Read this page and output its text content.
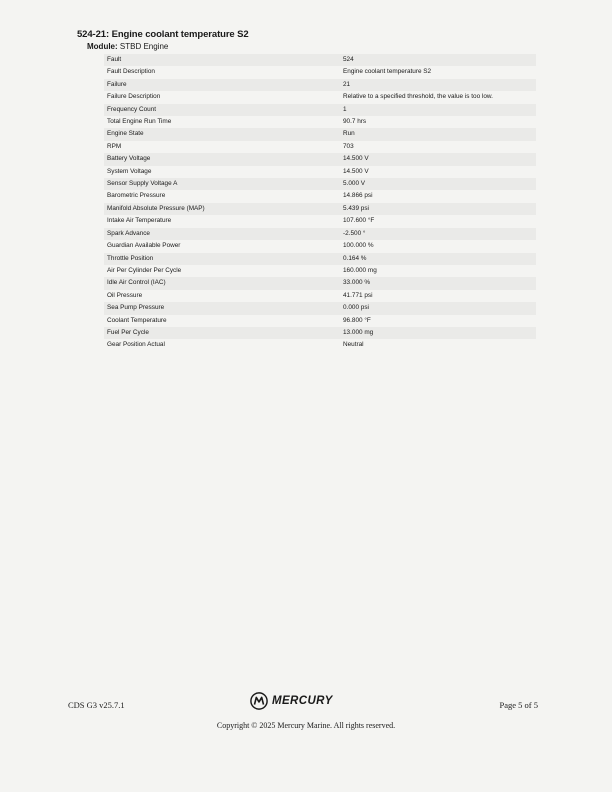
524-21: Engine coolant temperature S2
Module: STBD Engine
Fault	524
Fault Description	Engine coolant temperature S2
Failure	21
Failure Description	Relative to a specified threshold, the value is too low.
Frequency Count	1
Total Engine Run Time	90.7 hrs
Engine State	Run
RPM	703
Battery Voltage	14.500 V
System Voltage	14.500 V
Sensor Supply Voltage A	5.000 V
Barometric Pressure	14.866 psi
Manifold Absolute Pressure (MAP)	5.439 psi
Intake Air Temperature	107.600 °F
Spark Advance	-2.500 °
Guardian Available Power	100.000 %
Throttle Position	0.164 %
Air Per Cylinder Per Cycle	160.000 mg
Idle Air Control (IAC)	33.000 %
Oil Pressure	41.771 psi
Sea Pump Pressure	0.000 psi
Coolant Temperature	96.800 °F
Fuel Per Cycle	13.000 mg
Gear Position Actual	Neutral
CDS G3 v25.7.1	MERCURY	Page 5 of 5
Copyright © 2025 Mercury Marine. All rights reserved.
